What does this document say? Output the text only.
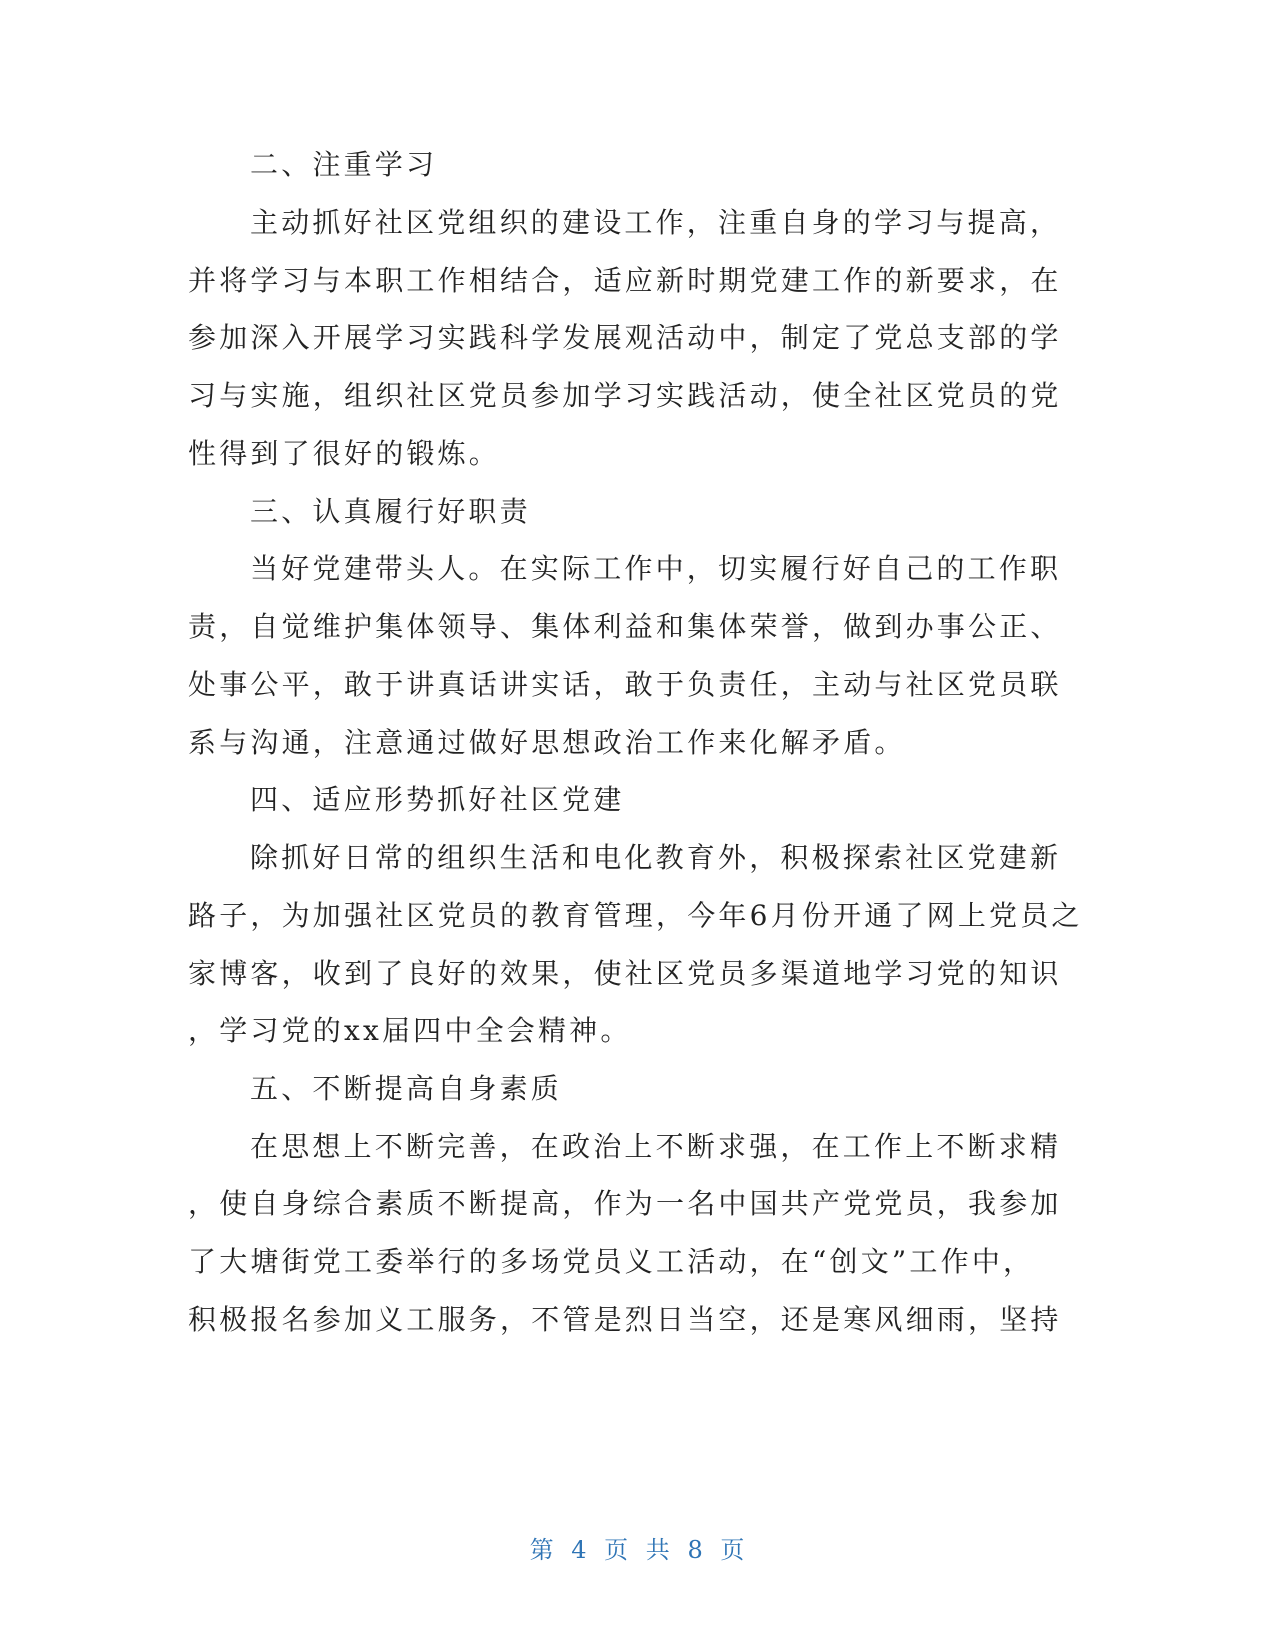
二、注重学习
主动抓好社区党组织的建设工作，注重自身的学习与提高，
并将学习与本职工作相结合，适应新时期党建工作的新要求，在
参加深入开展学习实践科学发展观活动中，制定了党总支部的学
习与实施，组织社区党员参加学习实践活动，使全社区党员的党
性得到了很好的锻炼。
三、认真履行好职责
当好党建带头人。在实际工作中，切实履行好自己的工作职
责，自觉维护集体领导、集体利益和集体荣誉，做到办事公正、
处事公平，敢于讲真话讲实话，敢于负责任，主动与社区党员联
系与沟通，注意通过做好思想政治工作来化解矛盾。
四、适应形势抓好社区党建
除抓好日常的组织生活和电化教育外，积极探索社区党建新
路子，为加强社区党员的教育管理，今年6月份开通了网上党员之
家博客，收到了良好的效果，使社区党员多渠道地学习党的知识
，学习党的xx届四中全会精神。
五、不断提高自身素质
在思想上不断完善，在政治上不断求强，在工作上不断求精
，使自身综合素质不断提高，作为一名中国共产党党员，我参加
了大塘街党工委举行的多场党员义工活动，在“创文”工作中，
积极报名参加义工服务，不管是烈日当空，还是寒风细雨，坚持
第 4 页 共 8 页
